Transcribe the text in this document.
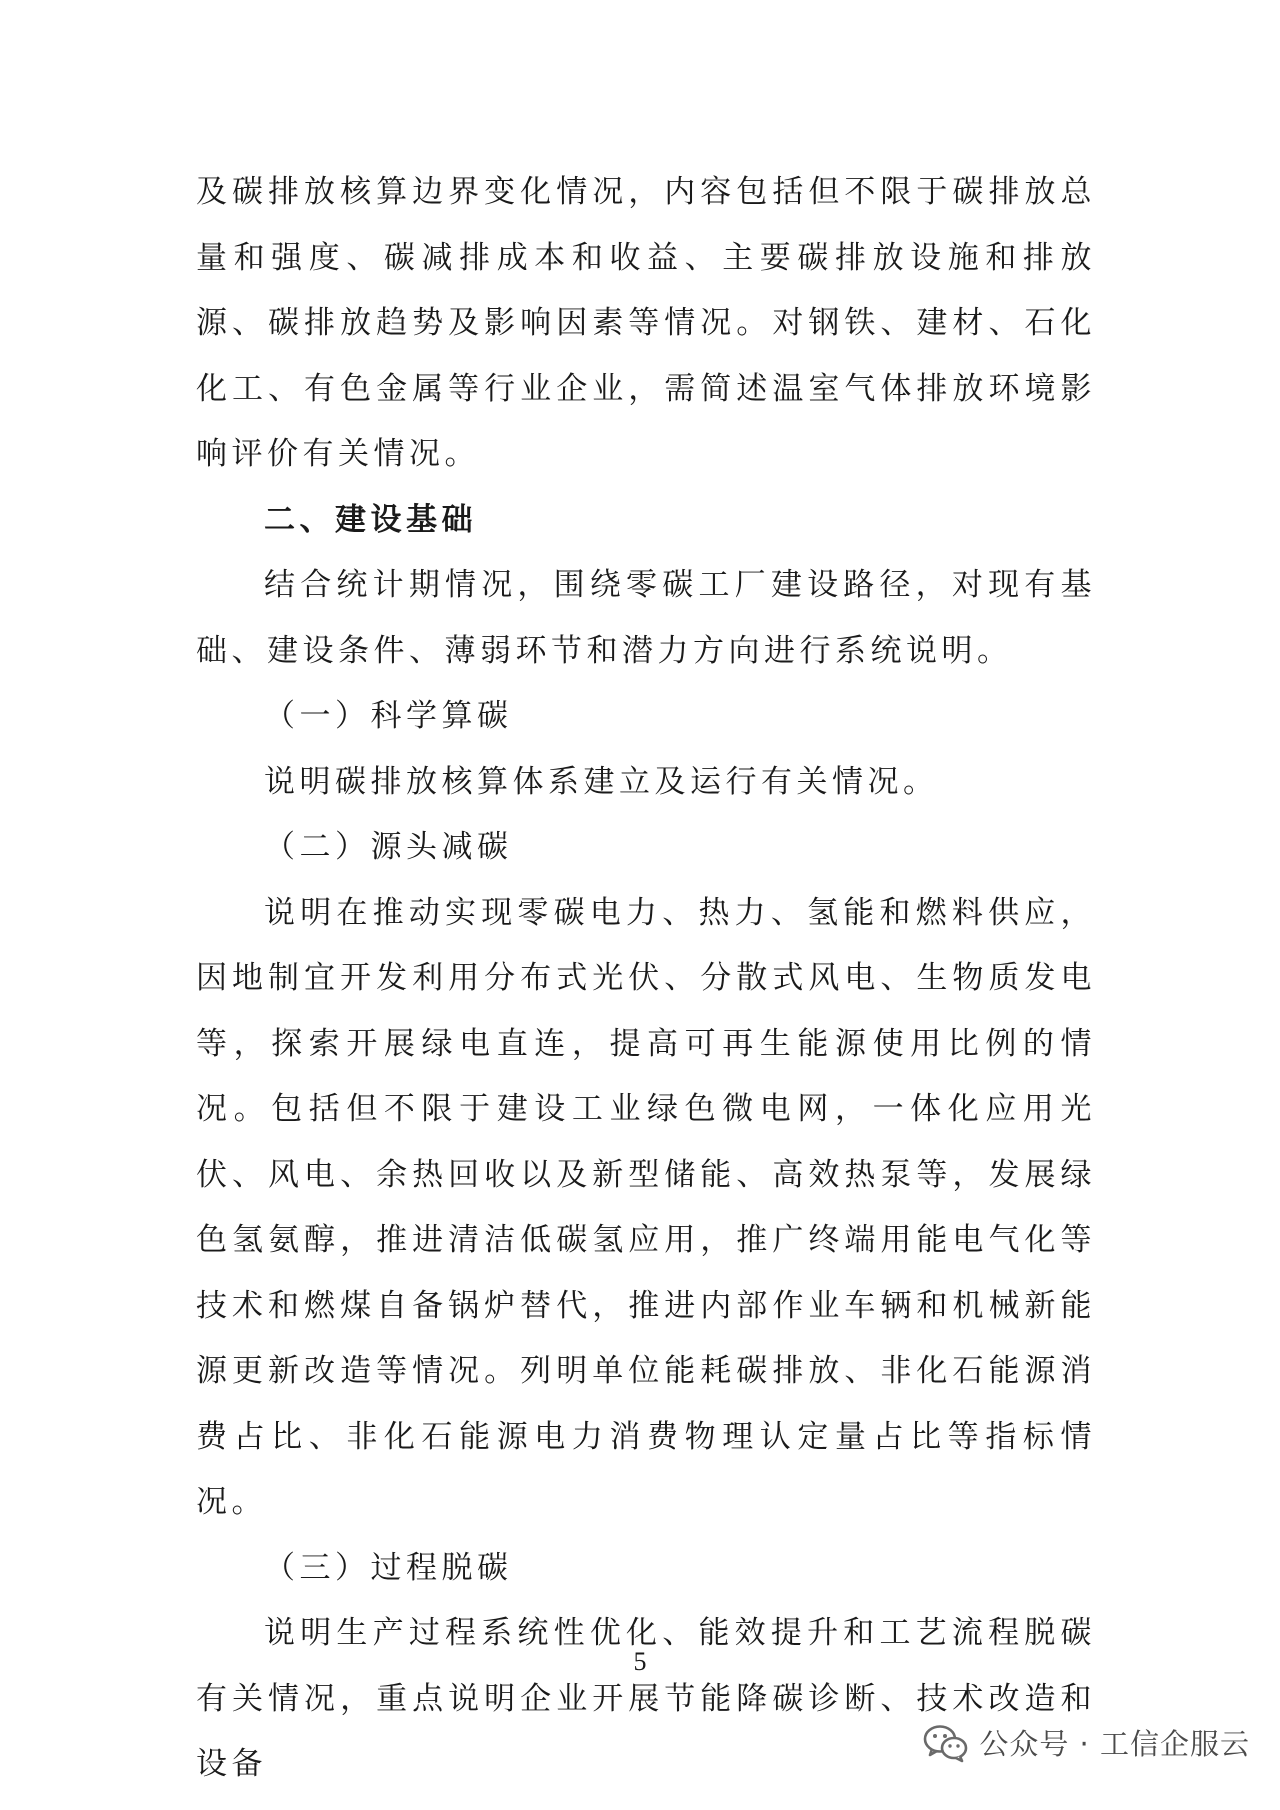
及碳排放核算边界变化情况，内容包括但不限于碳排放总量和强度、碳减排成本和收益、主要碳排放设施和排放源、碳排放趋势及影响因素等情况。对钢铁、建材、石化化工、有色金属等行业企业，需简述温室气体排放环境影响评价有关情况。

二、建设基础

结合统计期情况，围绕零碳工厂建设路径，对现有基础、建设条件、薄弱环节和潜力方向进行系统说明。

（一）科学算碳

说明碳排放核算体系建立及运行有关情况。

（二）源头减碳

说明在推动实现零碳电力、热力、氢能和燃料供应，因地制宜开发利用分布式光伏、分散式风电、生物质发电等，探索开展绿电直连，提高可再生能源使用比例的情况。包括但不限于建设工业绿色微电网，一体化应用光伏、风电、余热回收以及新型储能、高效热泵等，发展绿色氢氨醇，推进清洁低碳氢应用，推广终端用能电气化等技术和燃煤自备锅炉替代，推进内部作业车辆和机械新能源更新改造等情况。列明单位能耗碳排放、非化石能源消费占比、非化石能源电力消费物理认定量占比等指标情况。

（三）过程脱碳

说明生产过程系统性优化、能效提升和工艺流程脱碳有关情况，重点说明企业开展节能降碳诊断、技术改造和设备

5
公众号 · 工信企服云
